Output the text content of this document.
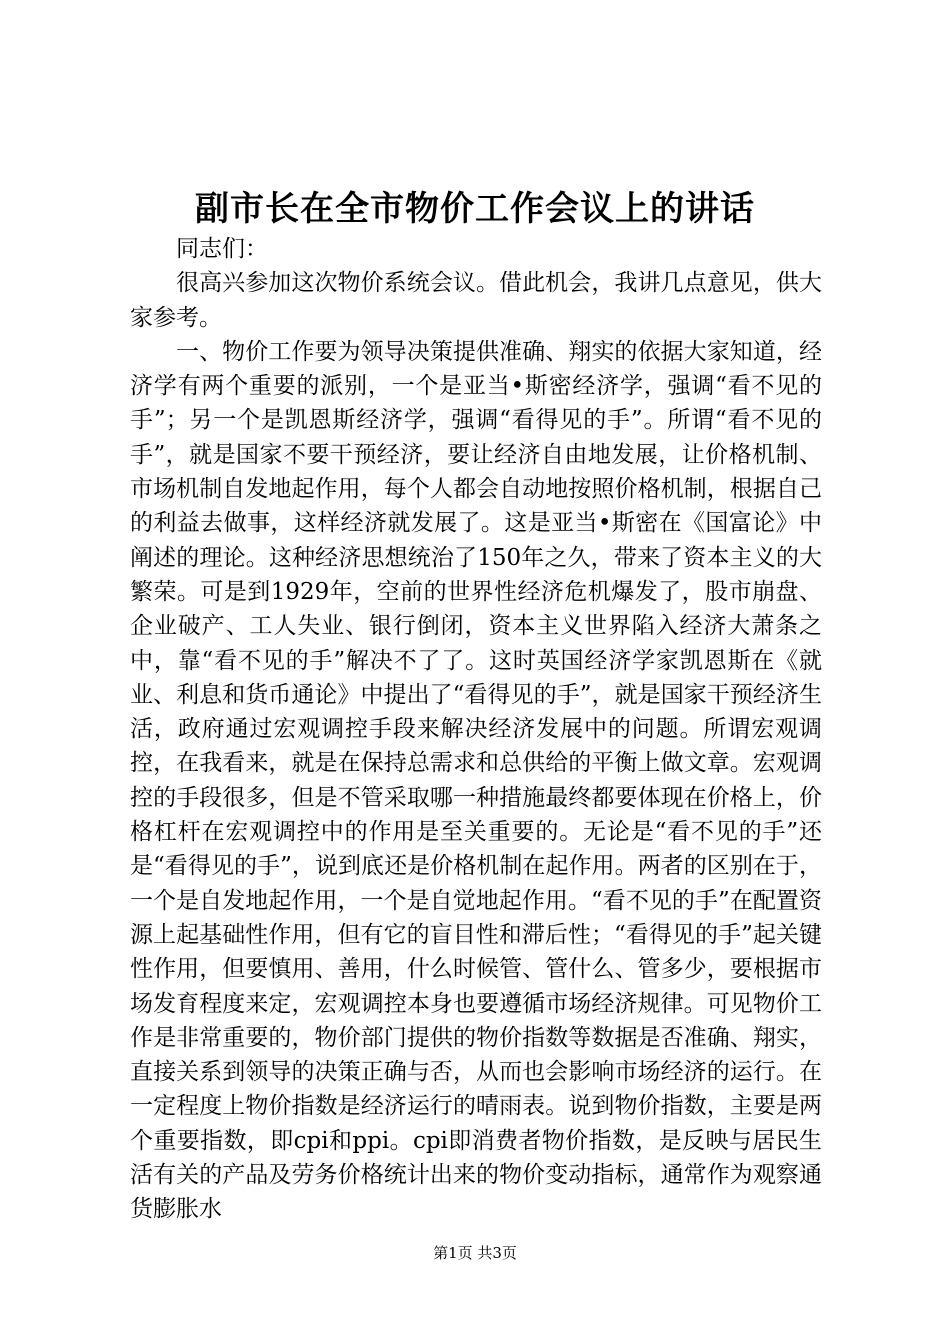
副市长在全市物价工作会议上的讲话

同志们：

很高兴参加这次物价系统会议。借此机会，我讲几点意见，供大家参考。

一、物价工作要为领导决策提供准确、翔实的依据大家知道，经济学有两个重要的派别，一个是亚当•斯密经济学，强调“看不见的手”；另一个是凯恩斯经济学，强调“看得见的手”。所谓“看不见的手”，就是国家不要干预经济，要让经济自由地发展，让价格机制、市场机制自发地起作用，每个人都会自动地按照价格机制，根据自己的利益去做事，这样经济就发展了。这是亚当•斯密在《国富论》中阐述的理论。这种经济思想统治了150年之久，带来了资本主义的大繁荣。可是到1929年，空前的世界性经济危机爆发了，股市崩盘、企业破产、工人失业、银行倒闭，资本主义世界陷入经济大萧条之中，靠“看不见的手”解决不了了。这时英国经济学家凯恩斯在《就业、利息和货币通论》中提出了“看得见的手”，就是国家干预经济生活，政府通过宏观调控手段来解决经济发展中的问题。所谓宏观调控，在我看来，就是在保持总需求和总供给的平衡上做文章。宏观调控的手段很多，但是不管采取哪一种措施最终都要体现在价格上，价格杠杆在宏观调控中的作用是至关重要的。无论是“看不见的手”还是“看得见的手”，说到底还是价格机制在起作用。两者的区别在于，一个是自发地起作用，一个是自觉地起作用。“看不见的手”在配置资源上起基础性作用，但有它的盲目性和滞后性；“看得见的手”起关键性作用，但要慎用、善用，什么时候管、管什么、管多少，要根据市场发育程度来定，宏观调控本身也要遵循市场经济规律。可见物价工作是非常重要的，物价部门提供的物价指数等数据是否准确、翔实，直接关系到领导的决策正确与否，从而也会影响市场经济的运行。在一定程度上物价指数是经济运行的晴雨表。说到物价指数，主要是两个重要指数，即cpi和ppi。cpi即消费者物价指数，是反映与居民生活有关的产品及劳务价格统计出来的物价变动指标，通常作为观察通货膨胀水

第1页 共3页
